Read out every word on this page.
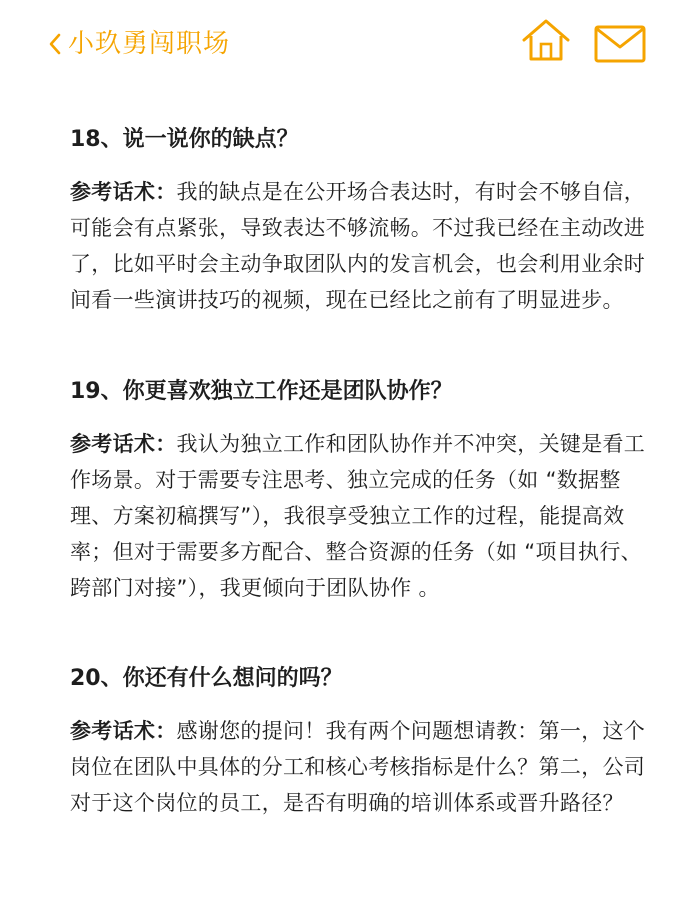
小玖勇闯职场

18、说一说你的缺点？

参考话术：我的缺点是在公开场合表达时，有时会不够自信，可能会有点紧张，导致表达不够流畅。不过我已经在主动改进了，比如平时会主动争取团队内的发言机会，也会利用业余时间看一些演讲技巧的视频，现在已经比之前有了明显进步。

19、你更喜欢独立工作还是团队协作？

参考话术：我认为独立工作和团队协作并不冲突，关键是看工作场景。对于需要专注思考、独立完成的任务（如 “数据整理、方案初稿撰写”），我很享受独立工作的过程，能提高效率；但对于需要多方配合、整合资源的任务（如 “项目执行、跨部门对接”），我更倾向于团队协作 。

20、你还有什么想问的吗？

参考话术：感谢您的提问！我有两个问题想请教：第一，这个岗位在团队中具体的分工和核心考核指标是什么？第二，公司对于这个岗位的员工，是否有明确的培训体系或晋升路径？
